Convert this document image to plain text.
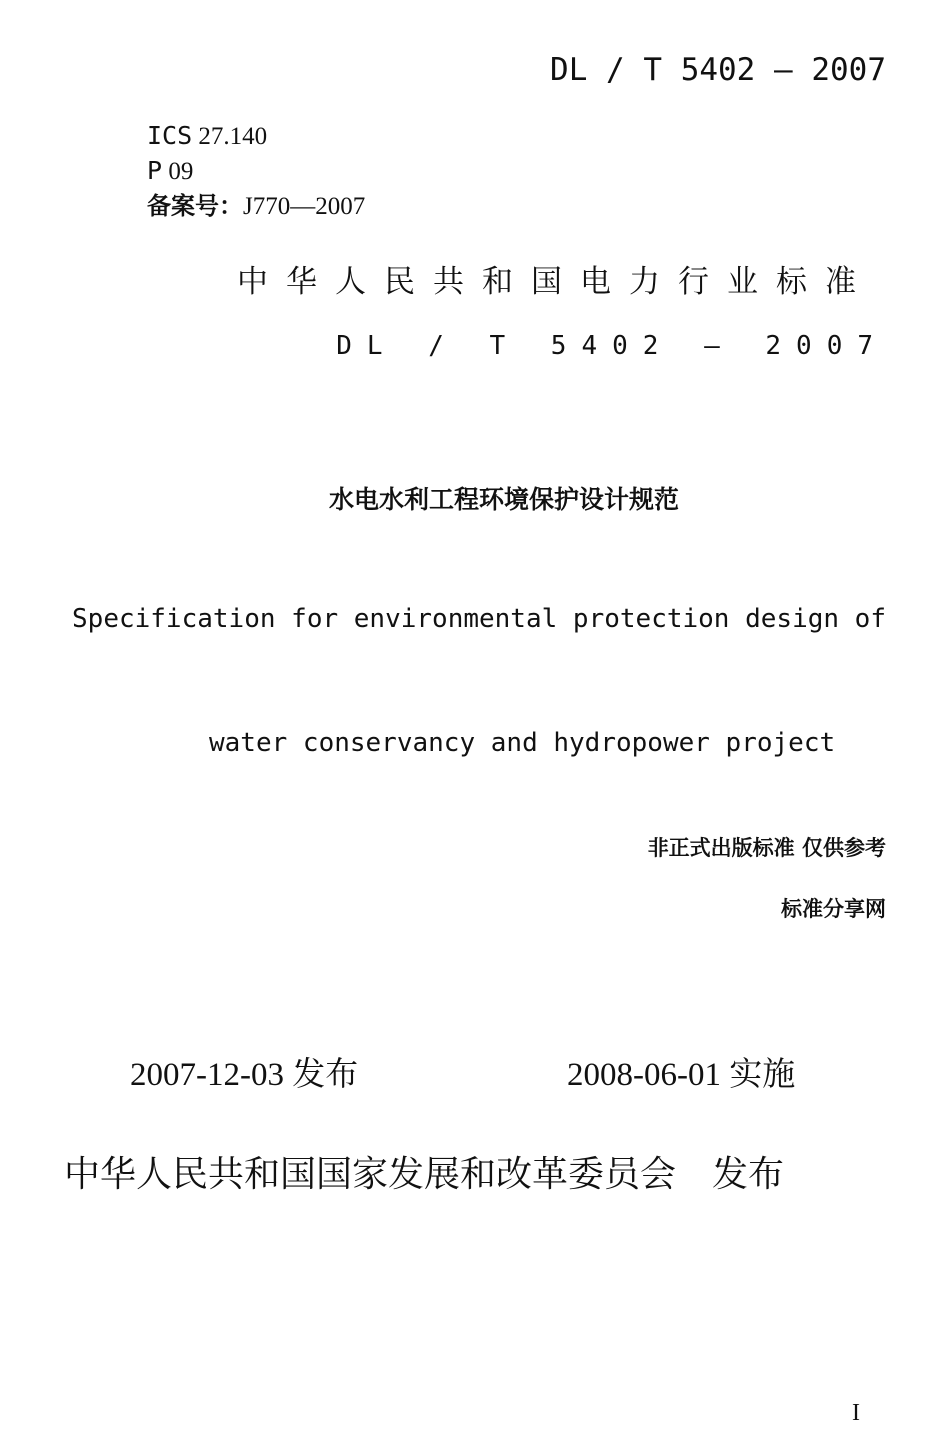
DL / T 5402 — 2007
ICS 27.140
P 09
备案号：J770—2007
中华人民共和国电力行业标准
DL / T 5402 — 2007
水电水利工程环境保护设计规范
Specification for environmental protection design of
water conservancy and hydropower project
非正式出版标准 仅供参考
标准分享网
2007-12-03 发布	2008-06-01 实施
中华人民共和国国家发展和改革委员会　发布
I
